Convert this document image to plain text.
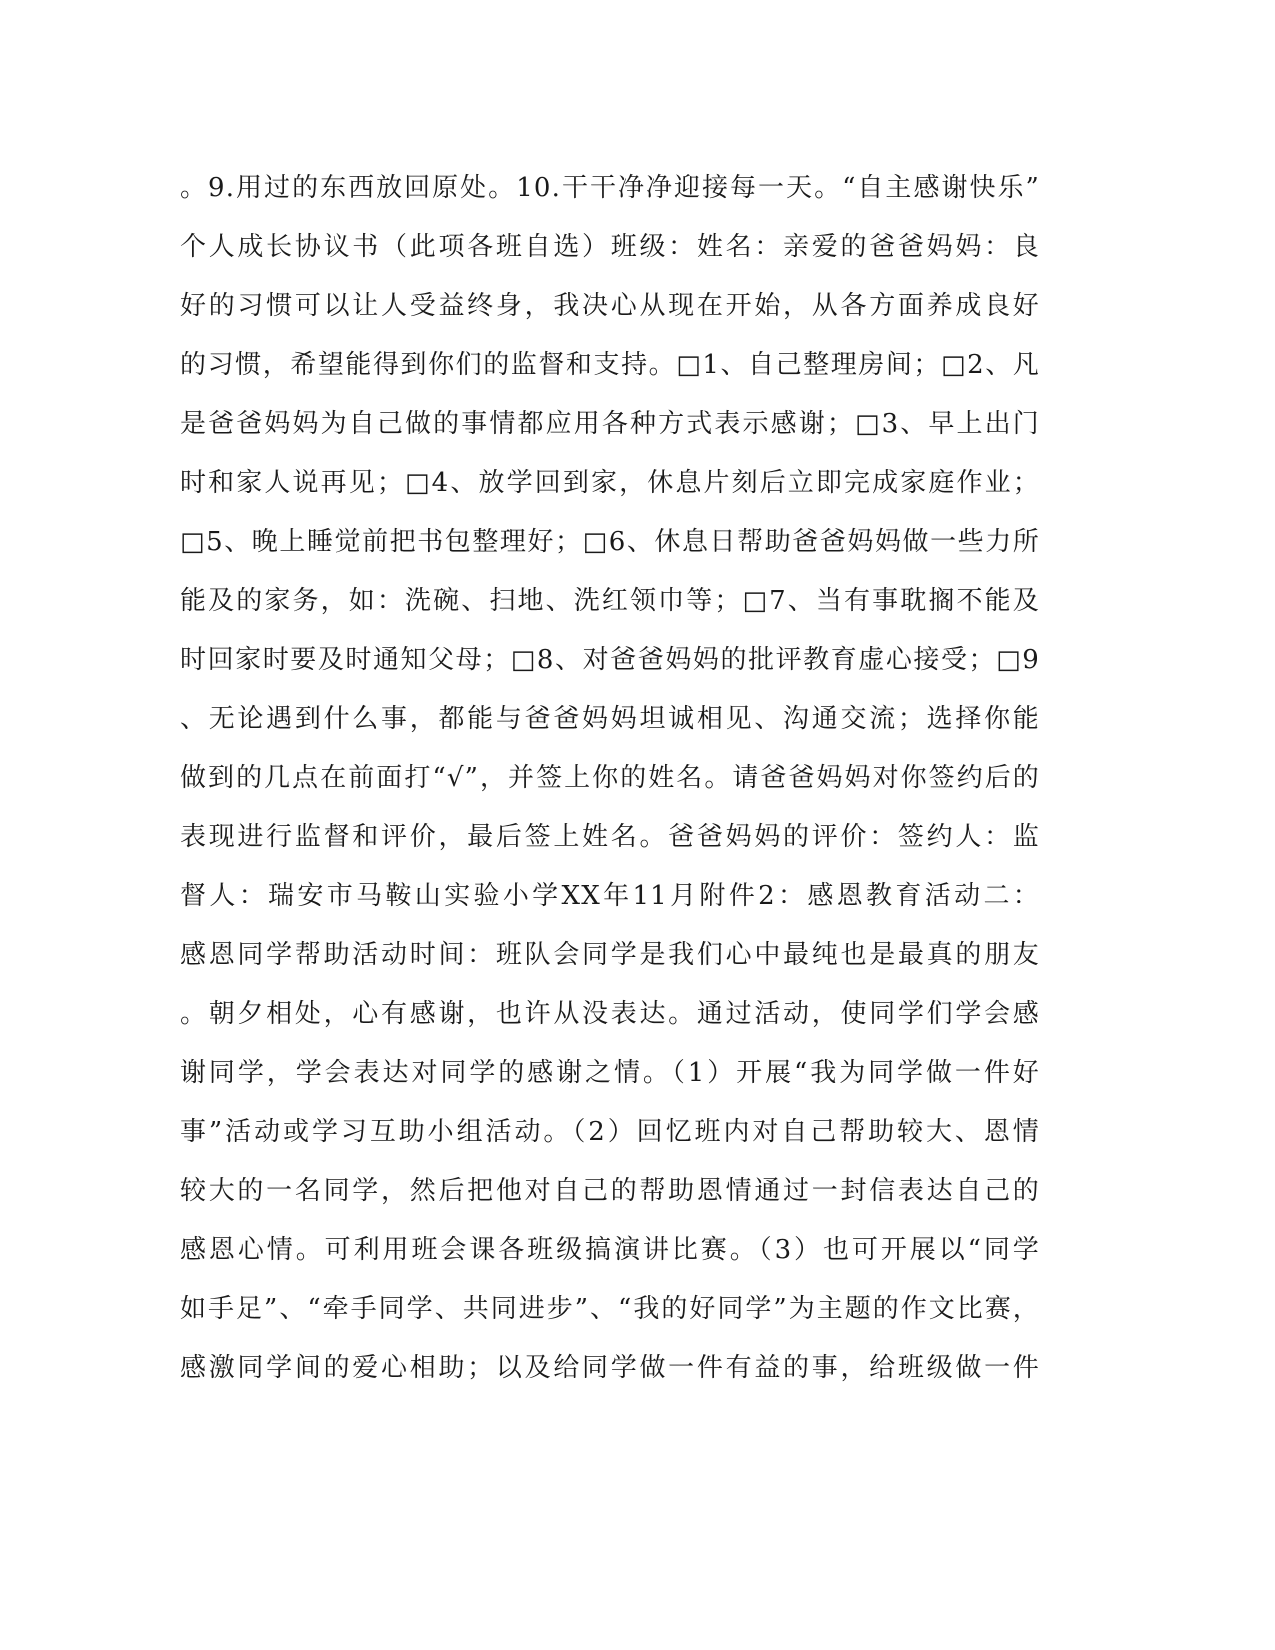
。9.用过的东西放回原处。10.干干净净迎接每一天。“自主感谢快乐”
个人成长协议书（此项各班自选）班级：姓名：亲爱的爸爸妈妈：良
好的习惯可以让人受益终身，我决心从现在开始，从各方面养成良好
的习惯，希望能得到你们的监督和支持。□1、自己整理房间；□2、凡
是爸爸妈妈为自己做的事情都应用各种方式表示感谢；□3、早上出门
时和家人说再见；□4、放学回到家，休息片刻后立即完成家庭作业；
□5、晚上睡觉前把书包整理好；□6、休息日帮助爸爸妈妈做一些力所
能及的家务，如：洗碗、扫地、洗红领巾等；□7、当有事耽搁不能及
时回家时要及时通知父母；□8、对爸爸妈妈的批评教育虚心接受；□9
、无论遇到什么事，都能与爸爸妈妈坦诚相见、沟通交流；选择你能
做到的几点在前面打“√”，并签上你的姓名。请爸爸妈妈对你签约后的
表现进行监督和评价，最后签上姓名。爸爸妈妈的评价：签约人：监
督人：瑞安市马鞍山实验小学XX年11月附件2：感恩教育活动二：
感恩同学帮助活动时间：班队会同学是我们心中最纯也是最真的朋友
。朝夕相处，心有感谢，也许从没表达。通过活动，使同学们学会感
谢同学，学会表达对同学的感谢之情。（1）开展“我为同学做一件好
事”活动或学习互助小组活动。（2）回忆班内对自己帮助较大、恩情
较大的一名同学，然后把他对自己的帮助恩情通过一封信表达自己的
感恩心情。可利用班会课各班级搞演讲比赛。（3）也可开展以“同学
如手足”、“牵手同学、共同进步”、“我的好同学”为主题的作文比赛，
感激同学间的爱心相助；以及给同学做一件有益的事，给班级做一件
